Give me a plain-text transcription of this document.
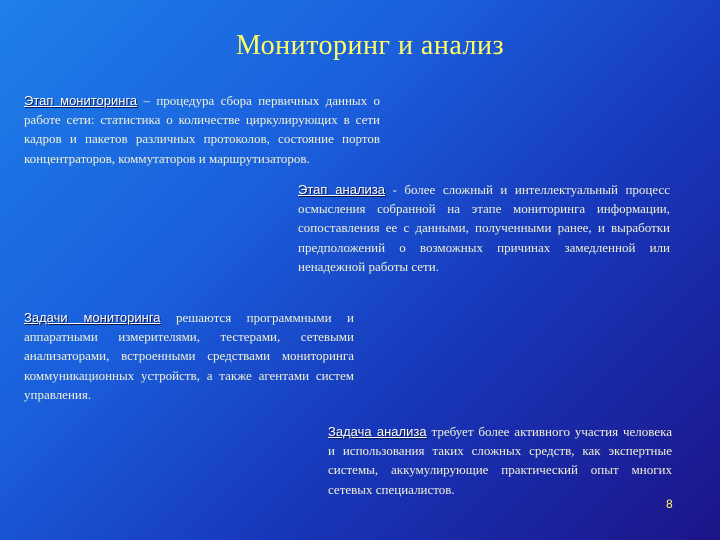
Мониторинг и анализ
Этап мониторинга – процедура сбора первичных данных о работе сети: статистика о количестве циркулирующих в сети кадров и пакетов различных протоколов, состояние портов концентраторов, коммутаторов и маршрутизаторов.
Этап анализа - более сложный и интеллектуальный процесс осмысления собранной на этапе мониторинга информации, сопоставления ее с данными, полученными ранее, и выработки предположений о возможных причинах замедленной или ненадежной работы сети.
Задачи мониторинга решаются программными и аппаратными измерителями, тестерами, сетевыми анализаторами, встроенными средствами мониторинга коммуникационных устройств, а также агентами систем управления.
Задача анализа требует более активного участия человека и использования таких сложных средств, как экспертные системы, аккумулирующие практический опыт многих сетевых специалистов.
8
